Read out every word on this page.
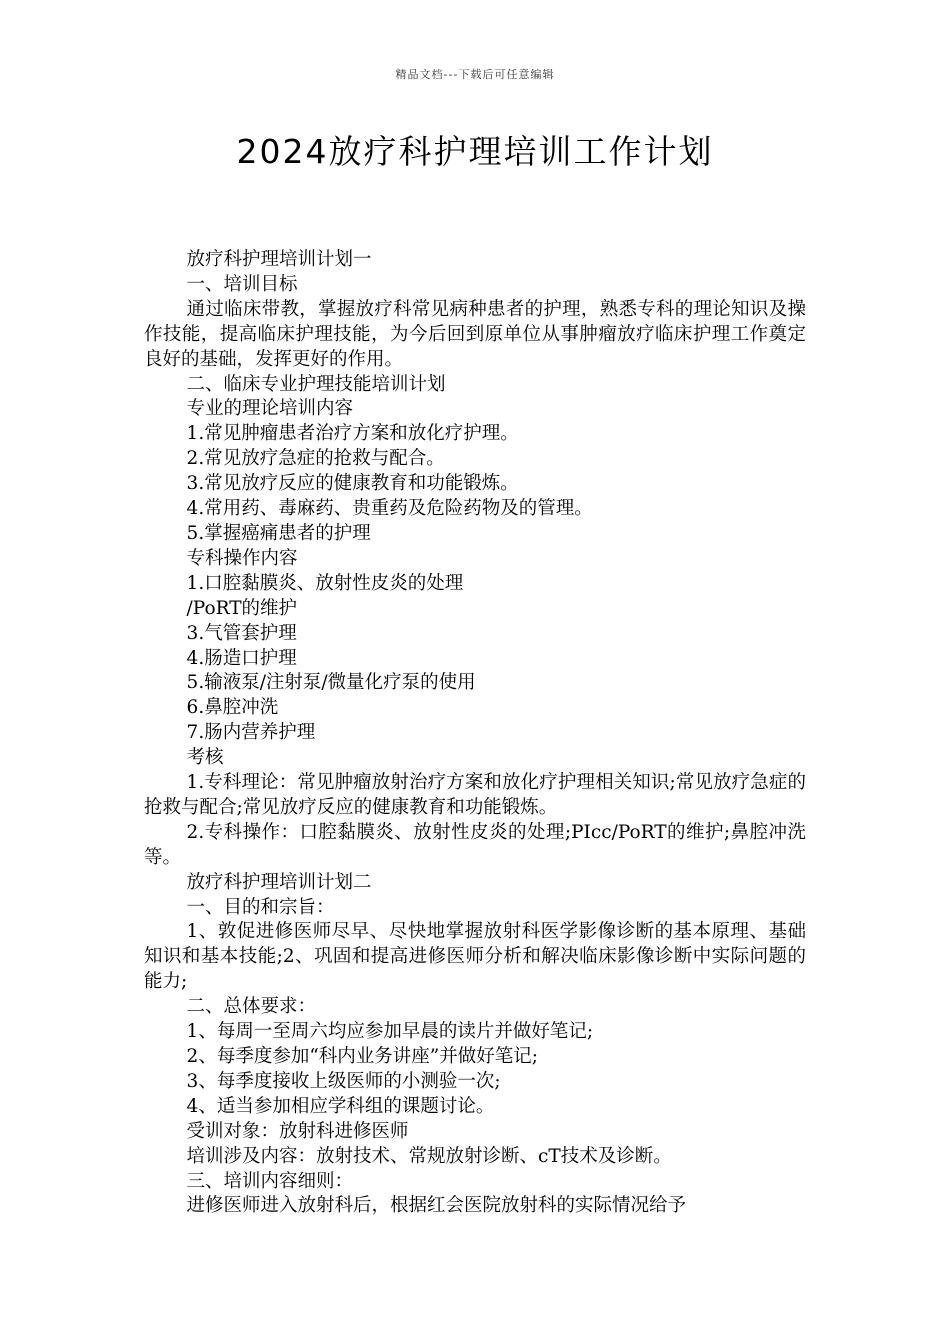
精品文档---下载后可任意编辑
2024放疗科护理培训工作计划

放疗科护理培训计划一

一、培训目标

通过临床带教，掌握放疗科常见病种患者的护理，熟悉专科的理论知识及操作技能，提高临床护理技能，为今后回到原单位从事肿瘤放疗临床护理工作奠定良好的基础，发挥更好的作用。

二、临床专业护理技能培训计划

专业的理论培训内容

1.常见肿瘤患者治疗方案和放化疗护理。

2.常见放疗急症的抢救与配合。

3.常见放疗反应的健康教育和功能锻炼。

4.常用药、毒麻药、贵重药及危险药物及的管理。

5.掌握癌痛患者的护理

专科操作内容

1.口腔黏膜炎、放射性皮炎的处理

/PoRT的维护

3.气管套护理

4.肠造口护理

5.输液泵/注射泵/微量化疗泵的使用

6.鼻腔冲洗

7.肠内营养护理

考核

1.专科理论：常见肿瘤放射治疗方案和放化疗护理相关知识;常见放疗急症的抢救与配合;常见放疗反应的健康教育和功能锻炼。

2.专科操作：口腔黏膜炎、放射性皮炎的处理;PIcc/PoRT的维护;鼻腔冲洗等。

放疗科护理培训计划二

一、目的和宗旨：

1、敦促进修医师尽早、尽快地掌握放射科医学影像诊断的基本原理、基础知识和基本技能;2、巩固和提高进修医师分析和解决临床影像诊断中实际问题的能力;

二、总体要求：

1、每周一至周六均应参加早晨的读片并做好笔记;

2、每季度参加“科内业务讲座”并做好笔记;

3、每季度接收上级医师的小测验一次;

4、适当参加相应学科组的课题讨论。

受训对象：放射科进修医师

培训涉及内容：放射技术、常规放射诊断、cT技术及诊断。

三、培训内容细则：

进修医师进入放射科后，根据红会医院放射科的实际情况给予
